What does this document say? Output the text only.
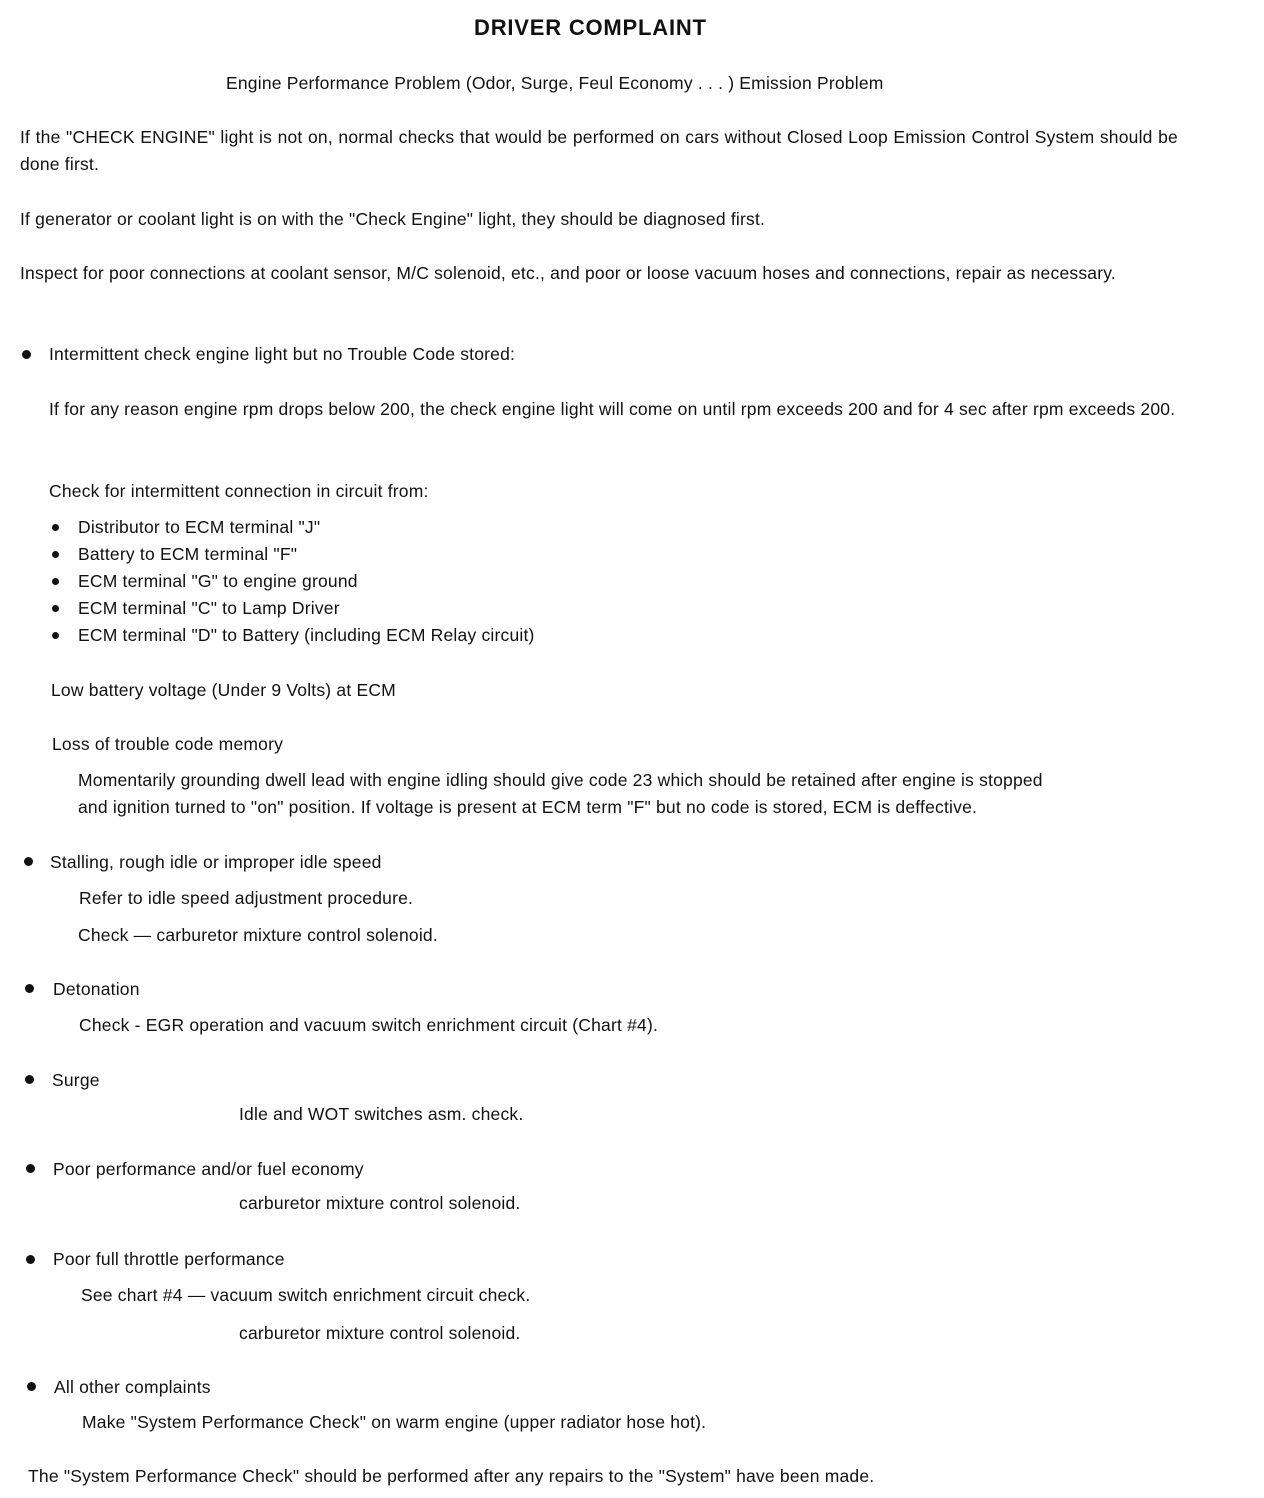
DRIVER COMPLAINT

Engine Performance Problem (Odor, Surge, Feul Economy . . . ) Emission Problem

If the "CHECK ENGINE" light is not on, normal checks that would be performed on cars without Closed Loop Emission Control System should be done first.

If generator or coolant light is on with the "Check Engine" light, they should be diagnosed first.

Inspect for poor connections at coolant sensor, M/C solenoid, etc., and poor or loose vacuum hoses and connections, repair as necessary.

Intermittent check engine light but no Trouble Code stored:

If for any reason engine rpm drops below 200, the check engine light will come on until rpm exceeds 200 and for 4 sec after rpm exceeds 200.

Check for intermittent connection in circuit from:

Distributor to ECM terminal "J"

Battery to ECM terminal "F"

ECM terminal "G" to engine ground

ECM terminal "C" to Lamp Driver

ECM terminal "D" to Battery (including ECM Relay circuit)

Low battery voltage (Under 9 Volts) at ECM

Loss of trouble code memory

Momentarily grounding dwell lead with engine idling should give code 23 which should be retained after engine is stopped

and ignition turned to "on" position. If voltage is present at ECM term "F" but no code is stored, ECM is deffective.

Stalling, rough idle or improper idle speed

Refer to idle speed adjustment procedure.

Check — carburetor mixture control solenoid.

Detonation

Check - EGR operation and vacuum switch enrichment circuit (Chart #4).

Surge

Idle and WOT switches asm. check.

Poor performance and/or fuel economy

carburetor mixture control solenoid.

Poor full throttle performance

See chart #4 — vacuum switch enrichment circuit check.

carburetor mixture control solenoid.

All other complaints

Make "System Performance Check" on warm engine (upper radiator hose hot).

The "System Performance Check" should be performed after any repairs to the "System" have been made.
